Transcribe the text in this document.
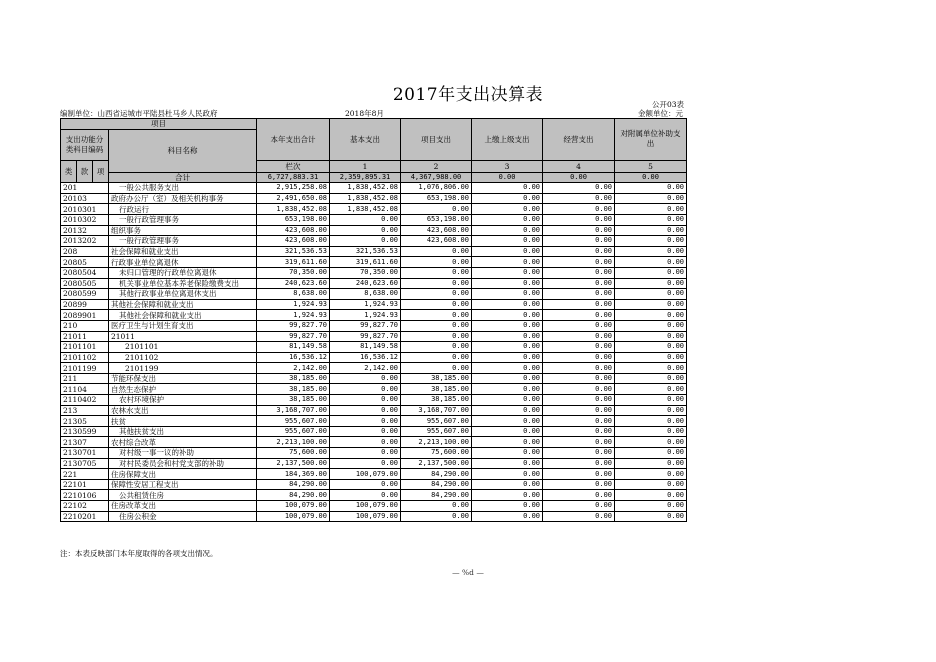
2017年支出决算表	公开03表
编制单位：山西省运城市平陆县杜马乡人民政府	2018年8月	金额单位：元
项目				本年支出合计	基本支出	项目支出	上缴上级支出	经营支出	对附属单位补助支出	
支出功能分类科目编码			科目名称							
类	款	项		栏次	1	2	3	4	5	
			合计	6,727,883.31	2,359,895.31	4,367,988.00	0.00	0.00	0.00	
201			一般公共服务支出	2,915,258.08	1,838,452.08	1,076,806.00	0.00	0.00	0.00	
20103			政府办公厅（室）及相关机构事务	2,491,650.08	1,838,452.08	653,198.00	0.00	0.00	0.00	
2010301			行政运行	1,838,452.08	1,838,452.08	0.00	0.00	0.00	0.00	
2010302			一般行政管理事务	653,198.00	0.00	653,198.00	0.00	0.00	0.00	
20132			组织事务	423,608.00	0.00	423,608.00	0.00	0.00	0.00	
2013202			一般行政管理事务	423,608.00	0.00	423,608.00	0.00	0.00	0.00	
208			社会保障和就业支出	321,536.53	321,536.53	0.00	0.00	0.00	0.00	
20805			行政事业单位离退休	319,611.60	319,611.60	0.00	0.00	0.00	0.00	
2080504			未归口管理的行政单位离退休	70,350.00	70,350.00	0.00	0.00	0.00	0.00	
2080505			机关事业单位基本养老保险缴费支出	240,623.60	240,623.60	0.00	0.00	0.00	0.00	
2080599			其他行政事业单位离退休支出	8,638.00	8,638.00	0.00	0.00	0.00	0.00	
20899			其他社会保障和就业支出	1,924.93	1,924.93	0.00	0.00	0.00	0.00	
2089901			其他社会保障和就业支出	1,924.93	1,924.93	0.00	0.00	0.00	0.00	
210			医疗卫生与计划生育支出	99,827.70	99,827.70	0.00	0.00	0.00	0.00	
21011			21011	99,827.70	99,827.70	0.00	0.00	0.00	0.00	
2101101			2101101	81,149.58	81,149.58	0.00	0.00	0.00	0.00	
2101102			2101102	16,536.12	16,536.12	0.00	0.00	0.00	0.00	
2101199			2101199	2,142.00	2,142.00	0.00	0.00	0.00	0.00	
211			节能环保支出	38,185.00	0.00	38,185.00	0.00	0.00	0.00	
21104			自然生态保护	38,185.00	0.00	38,185.00	0.00	0.00	0.00	
2110402			农村环境保护	38,185.00	0.00	38,185.00	0.00	0.00	0.00	
213			农林水支出	3,168,707.00	0.00	3,168,707.00	0.00	0.00	0.00	
21305			扶贫	955,607.00	0.00	955,607.00	0.00	0.00	0.00	
2130599			其他扶贫支出	955,607.00	0.00	955,607.00	0.00	0.00	0.00	
21307			农村综合改革	2,213,100.00	0.00	2,213,100.00	0.00	0.00	0.00	
2130701			对村级一事一议的补助	75,600.00	0.00	75,600.00	0.00	0.00	0.00	
2130705			对村民委员会和村党支部的补助	2,137,500.00	0.00	2,137,500.00	0.00	0.00	0.00	
221			住房保障支出	184,369.00	100,079.00	84,290.00	0.00	0.00	0.00	
22101			保障性安居工程支出	84,290.00	0.00	84,290.00	0.00	0.00	0.00	
2210106			公共租赁住房	84,290.00	0.00	84,290.00	0.00	0.00	0.00	
22102			住房改革支出	100,079.00	100,079.00	0.00	0.00	0.00	0.00	
2210201			住房公积金	100,079.00	100,079.00	0.00	0.00	0.00	0.00	
注：本表反映部门本年度取得的各项支出情况。
— %d —
